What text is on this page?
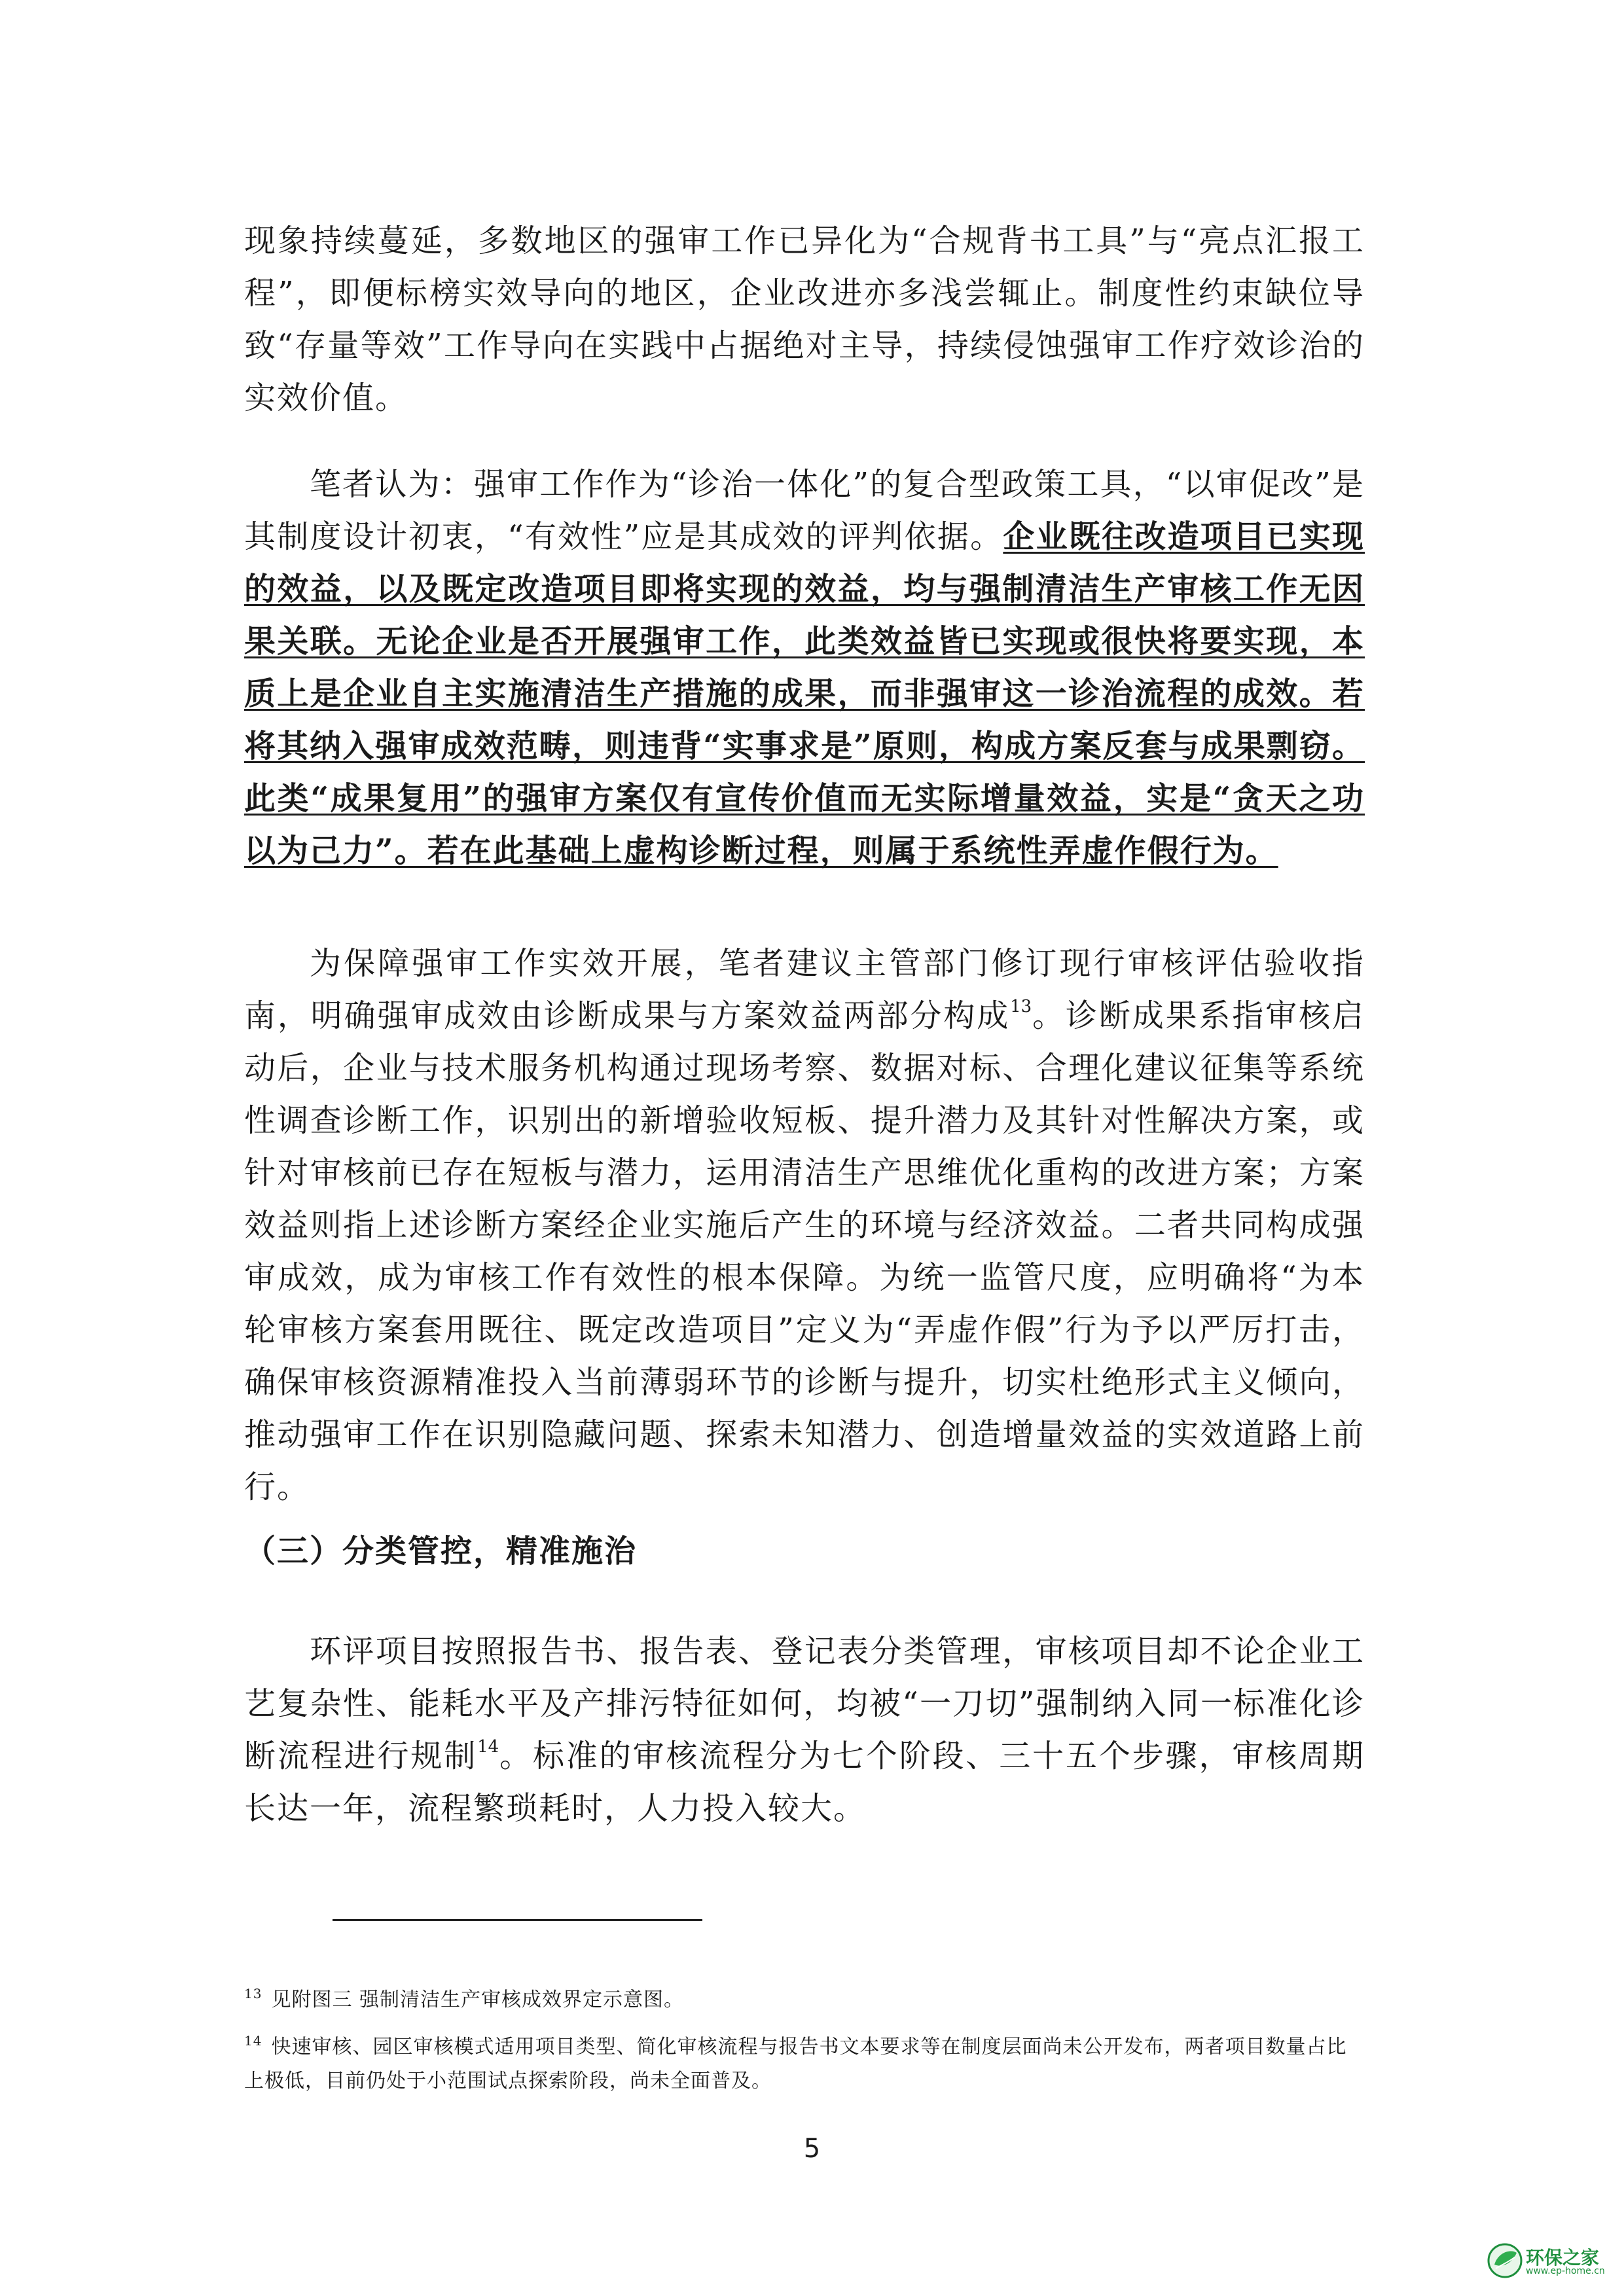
现象持续蔓延，多数地区的强审工作已异化为“合规背书工具”与“亮点汇报工程”，即便标榜实效导向的地区，企业改进亦多浅尝辄止。制度性约束缺位导致“存量等效”工作导向在实践中占据绝对主导，持续侵蚀强审工作疗效诊治的实效价值。

笔者认为：强审工作作为“诊治一体化”的复合型政策工具，“以审促改”是其制度设计初衷，“有效性”应是其成效的评判依据。企业既往改造项目已实现的效益，以及既定改造项目即将实现的效益，均与强制清洁生产审核工作无因果关联。无论企业是否开展强审工作，此类效益皆已实现或很快将要实现，本质上是企业自主实施清洁生产措施的成果，而非强审这一诊治流程的成效。若将其纳入强审成效范畴，则违背“实事求是”原则，构成方案反套与成果剽窃。此类“成果复用”的强审方案仅有宣传价值而无实际增量效益，实是“贪天之功以为己力”。若在此基础上虚构诊断过程，则属于系统性弄虚作假行为。

为保障强审工作实效开展，笔者建议主管部门修订现行审核评估验收指南，明确强审成效由诊断成果与方案效益两部分构成$^{13}$。诊断成果系指审核启动后，企业与技术服务机构通过现场考察、数据对标、合理化建议征集等系统性调查诊断工作，识别出的新增验收短板、提升潜力及其针对性解决方案，或针对审核前已存在短板与潜力，运用清洁生产思维优化重构的改进方案；方案效益则指上述诊断方案经企业实施后产生的环境与经济效益。二者共同构成强审成效，成为审核工作有效性的根本保障。为统一监管尺度，应明确将“为本轮审核方案套用既往、既定改造项目”定义为“弄虚作假”行为予以严厉打击，确保审核资源精准投入当前薄弱环节的诊断与提升，切实杜绝形式主义倾向，推动强审工作在识别隐藏问题、探索未知潜力、创造增量效益的实效道路上前行。

（三）分类管控，精准施治

环评项目按照报告书、报告表、登记表分类管理，审核项目却不论企业工艺复杂性、能耗水平及产排污特征如何，均被“一刀切”强制纳入同一标准化诊断流程进行规制$^{14}$。标准的审核流程分为七个阶段、三十五个步骤，审核周期长达一年，流程繁琐耗时，人力投入较大。

$^{13}$ 见附图三 强制清洁生产审核成效界定示意图。

$^{14}$ 快速审核、园区审核模式适用项目类型、简化审核流程与报告书文本要求等在制度层面尚未公开发布，两者项目数量占比上极低，目前仍处于小范围试点探索阶段，尚未全面普及。

5
环保之家
www.ep-home.cn
